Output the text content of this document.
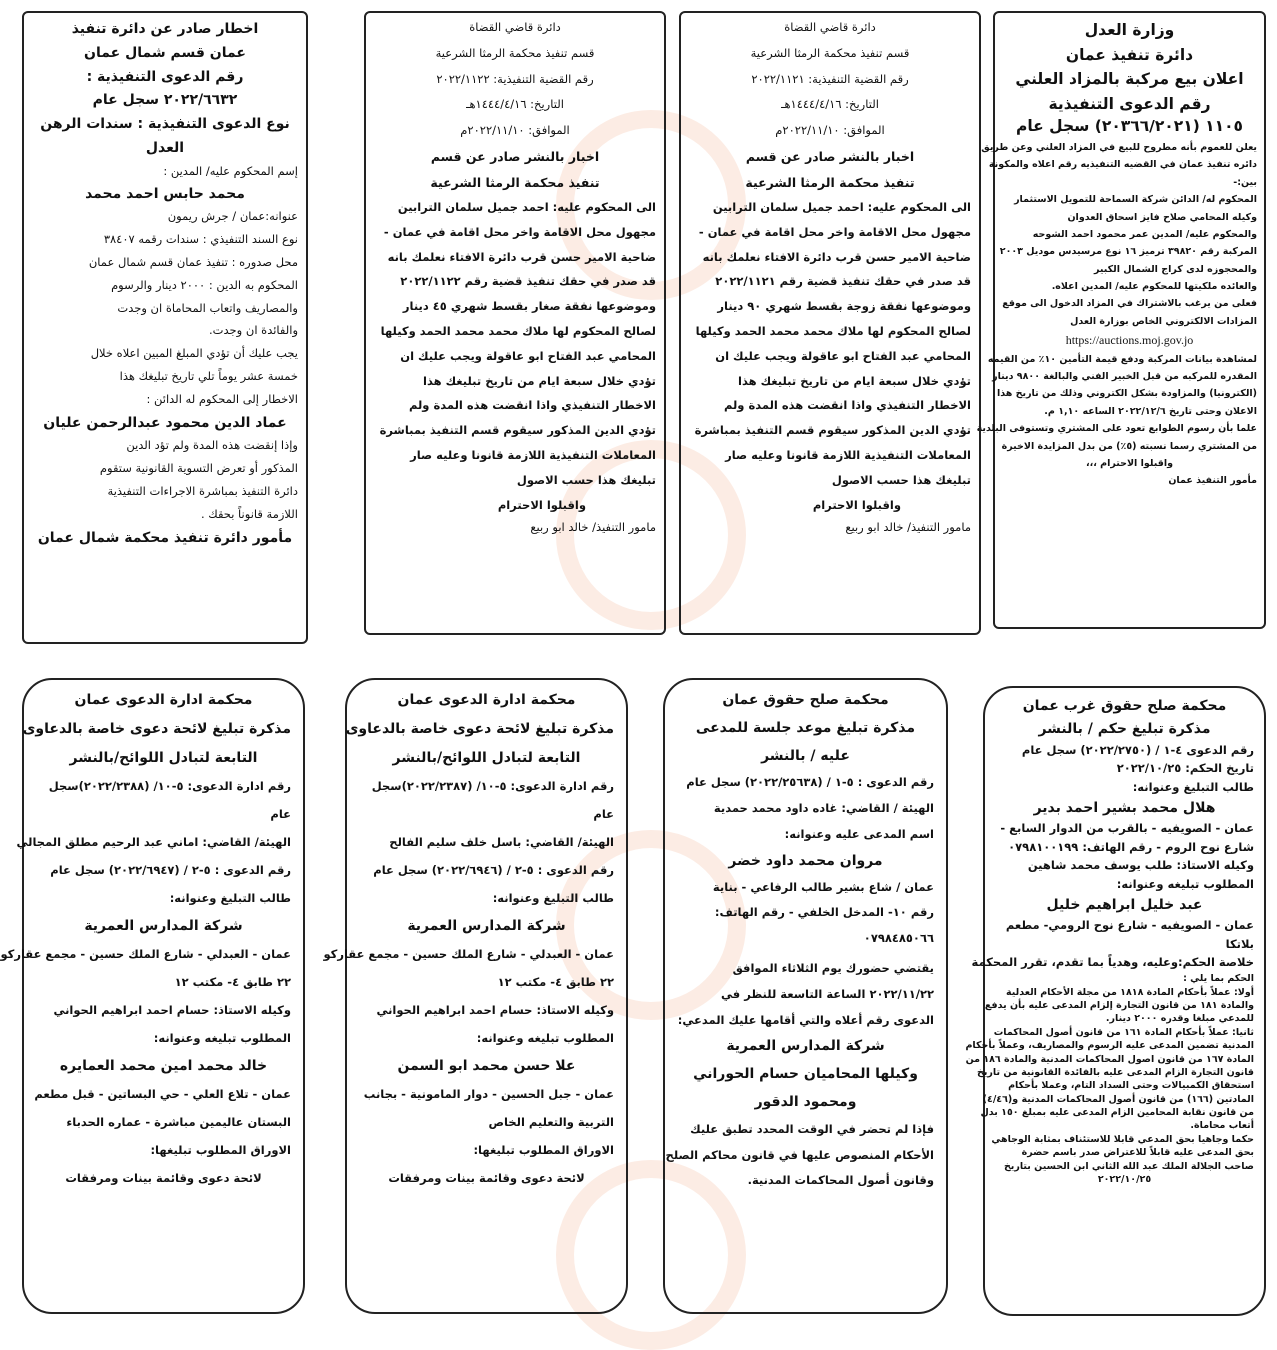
وزارة العدل
دائرة تنفيذ عمان
اعلان بيع مركبة بالمزاد العلني
رقم الدعوى التنفيذية
١١٠٥ (٢٠٣٦٦/٢٠٢١) سجل عام
يعلن للعموم بأنه مطروح للبيع في المزاد العلني وعن طريق
دائره تنفيذ عمان في القضيه التنفيذيه رقم اعلاه والمكونة
بين:-
المحكوم له/ الدائن شركة السماحة للتمويل الاستثمار
وكيله المحامي صلاح فايز اسحاق العدوان
والمحكوم عليه/ المدين عمر محمود احمد الشوحه
المركبة رقم ٣٩٨٢٠ ترميز ١٦ نوع مرسيدس موديل ٢٠٠٣
والمحجوزه لدى كراج الشمال الكبير
والعائده ملكيتها للمحكوم عليه/ المدين اعلاه.
فعلى من يرغب بالاشتراك في المزاد الدخول الى موقع
المزادات الالكتروني الخاص بوزارة العدل
https://auctions.moj.gov.jo
لمشاهدة بيانات المركبة ودفع قيمة التأمين ١٠٪ من القيمه
المقدره للمركبه من قبل الخبير الفني والبالغة ٩٨٠٠ دينار
(الكترونيا) والمزاودة بشكل الكتروني وذلك من تاريخ هذا
الاعلان وحتى تاريخ ٢٠٢٢/١٢/٦ الساعه ١,١٠ م.
علما بأن رسوم الطوابع تعود على المشتري وتستوفى البلدية
من المشتري رسما نسبته (٥٪) من بدل المزايدة الاخيرة
واقبلوا الاحترام ،،،
مأمور التنفيذ عمان
دائرة قاضي القضاة
قسم تنفيذ محكمة الرمثا الشرعية
رقم القضية التنفيذية: ٢٠٢٢/١١٢١
التاريخ: ١٤٤٤/٤/١٦هـ
الموافق: ٢٠٢٢/١١/١٠م
اخبار بالنشر صادر عن قسم
تنفيذ محكمة الرمثا الشرعية
الى المحكوم عليه: احمد جميل سلمان الترابين
مجهول محل الاقامة واخر محل اقامة في عمان -
ضاحية الامير حسن قرب دائرة الافتاء نعلمك بانه
قد صدر في حقك تنفيذ قضية رقم ٢٠٢٢/١١٢١
وموضوعها نفقة زوجة بقسط شهري ٩٠ دينار
لصالح المحكوم لها ملاك محمد محمد الحمد وكيلها
المحامي عبد الفتاح ابو عاقولة ويجب عليك ان
تؤدي خلال سبعة ايام من تاريخ تبليغك هذا
الاخطار التنفيذي واذا انقضت هذه المدة ولم
تؤدي الدين المذكور سيقوم قسم التنفيذ بمباشرة
المعاملات التنفيذية اللازمة قانونا وعليه صار
تبليغك هذا حسب الاصول
واقبلوا الاحترام
مامور التنفيذ/ خالد ابو ربيع
دائرة قاضي القضاة
قسم تنفيذ محكمة الرمثا الشرعية
رقم القضية التنفيذية: ٢٠٢٢/١١٢٢
التاريخ: ١٤٤٤/٤/١٦هـ
الموافق: ٢٠٢٢/١١/١٠م
اخبار بالنشر صادر عن قسم
تنفيذ محكمة الرمثا الشرعية
الى المحكوم عليه: احمد جميل سلمان الترابين
مجهول محل الاقامة واخر محل اقامة في عمان -
ضاحية الامير حسن قرب دائرة الافتاء نعلمك بانه
قد صدر في حقك تنفيذ قضية رقم ٢٠٢٢/١١٢٢
وموضوعها نفقة صغار بقسط شهري ٤٥ دينار
لصالح المحكوم لها ملاك محمد محمد الحمد وكيلها
المحامي عبد الفتاح ابو عاقولة ويجب عليك ان
تؤدي خلال سبعة ايام من تاريخ تبليغك هذا
الاخطار التنفيذي واذا انقضت هذه المدة ولم
تؤدي الدين المذكور سيقوم قسم التنفيذ بمباشرة
المعاملات التنفيذية اللازمة قانونا وعليه صار
تبليغك هذا حسب الاصول
واقبلوا الاحترام
مامور التنفيذ/ خالد ابو ربيع
اخطار صادر عن دائرة تنفيذ
عمان قسم شمال عمان
رقم الدعوى التنفيذية :
٢٠٢٢/٦٦٣٢ سجل عام
نوع الدعوى التنفيذية : سندات الرهن
العدل
إسم المحكوم عليه/ المدين :
محمد حابس احمد محمد
عنوانه:عمان / جرش ريمون
نوع السند التنفيذي : سندات رقمه ٣٨٤٠٧
محل صدوره : تنفيذ عمان قسم شمال عمان
المحكوم به الدين : ٢٠٠٠ دينار والرسوم
والمصاريف واتعاب المحاماة ان وجدت
والفائدة ان وجدت.
يجب عليك أن تؤدي المبلغ المبين اعلاه خلال
خمسة عشر يوماً تلي تاريخ تبليغك هذا
الاخطار إلى المحكوم له الدائن :
عماد الدين محمود عبدالرحمن عليان
وإذا إنقضت هذه المدة ولم تؤد الدين
المذكور أو تعرض التسوية القانونية ستقوم
دائرة التنفيذ بمباشرة الاجراءات التنفيذية
اللازمة قانوناً بحقك .
مأمور دائرة تنفيذ محكمة شمال عمان
محكمة صلح حقوق غرب عمان
مذكرة تبليغ حكم / بالنشر
رقم الدعوى ٤-١ / (٢٠٢٢/٢٧٥٠) سجل عام
تاريخ الحكم: ٢٠٢٢/١٠/٢٥
طالب التبليغ وعنوانه:
هلال محمد بشير احمد بدير
عمان - الصويفيه - بالقرب من الدوار السابع -
شارع نوح الروم - رقم الهاتف: ٠٧٩٨١٠٠١٩٩
وكيله الاستاذ: طلب يوسف محمد شاهين
المطلوب تبليغه وعنوانه:
عبد خليل ابراهيم خليل
عمان - الصويفيه - شارع نوح الرومي- مطعم
بلاتكا
خلاصة الحكم:وعليه، وهدياً بما تقدم، تقرر المحكمة
الحكم بما يلي :
أولا: عملاً بأحكام المادة ١٨١٨ من مجلة الأحكام العدلية
والمادة ١٨١ من قانون التجارة إلزام المدعى عليه بأن يدفع
للمدعي مبلغا وقدره ٢٠٠٠ دينار.
ثانيا: عملاً بأحكام المادة ١٦١ من قانون أصول المحاكمات
المدنية تضمين المدعى عليه الرسوم والمصاريف، وعملاً بأحكام
المادة ١٦٧ من قانون اصول المحاكمات المدنية والمادة ١٨٦ من
قانون التجارة الزام المدعى عليه بالفائدة القانونية من تاريخ
استحقاق الكمبيالات وحتى السداد التام، وعملا بأحكام
المادتين (١٦٦) من قانون أصول المحاكمات المدنية و(٤/٤٦)
من قانون نقابة المحامين الزام المدعى عليه بمبلغ ١٥٠ بدل
أتعاب محاماة.
حكما وجاهيا بحق المدعي قابلا للاستئناف بمثابة الوجاهي
بحق المدعى عليه قابلاً للاعتراض صدر باسم حضرة
صاحب الجلالة الملك عبد الله الثاني ابن الحسين بتاريخ
٢٠٢٢/١٠/٢٥
محكمة صلح حقوق عمان
مذكرة تبليغ موعد جلسة للمدعى
عليه / بالنشر
رقم الدعوى : ٥-١ / (٢٠٢٢/٢٥٦٣٨) سجل عام
الهيئة / القاضي: غاده داود محمد حمدية
اسم المدعى عليه وعنوانه:
مروان محمد داود خضر
عمان / شاع بشير طالب الرفاعي - بناية
رقم ١٠- المدخل الخلفي - رقم الهاتف:
٠٧٩٨٤٨٥٠٦٦
يقتضي حضورك يوم الثلاثاء الموافق
٢٠٢٢/١١/٢٢ الساعة التاسعة للنظر في
الدعوى رقم أعلاه والتي أقامها عليك المدعي:
شركة المدارس العمرية
وكيلها المحاميان حسام الحوراني
ومحمود الدقور
فإذا لم تحضر في الوقت المحدد تطبق عليك
الأحكام المنصوص عليها في قانون محاكم الصلح
وقانون أصول المحاكمات المدنية.
محكمة ادارة الدعوى عمان
مذكرة تبليغ لائحة دعوى خاصة بالدعاوى
التابعة لتبادل اللوائح/بالنشر
رقم ادارة الدعوى: ٥-١٠/ (٢٠٢٢/٢٣٨٧)سجل
عام
الهيئة/ القاضي: باسل خلف سليم الفالح
رقم الدعوى : ٥-٢ / (٢٠٢٢/٦٩٤٦) سجل عام
طالب التبليغ وعنوانه:
شركة المدارس العمرية
عمان - العبدلي - شارع الملك حسين - مجمع عقاركو
٢٢ طابق ٤- مكتب ١٢
وكيله الاستاذ: حسام احمد ابراهيم الحواني
المطلوب تبليغه وعنوانه:
علا حسن محمد ابو السمن
عمان - جبل الحسين - دوار المامونية - بجانب
التربية والتعليم الخاص
الاوراق المطلوب تبليغها:
لائحة دعوى وقائمة بينات ومرفقات
محكمة ادارة الدعوى عمان
مذكرة تبليغ لائحة دعوى خاصة بالدعاوى
التابعة لتبادل اللوائح/بالنشر
رقم ادارة الدعوى: ٥-١٠/ (٢٠٢٢/٢٣٨٨)سجل
عام
الهيئة/ القاضي: اماني عبد الرحيم مطلق المجالي
رقم الدعوى : ٥-٢ / (٢٠٢٢/٦٩٤٧) سجل عام
طالب التبليغ وعنوانه:
شركة المدارس العمرية
عمان - العبدلي - شارع الملك حسين - مجمع عقاركو
٢٢ طابق ٤- مكتب ١٢
وكيله الاستاذ: حسام احمد ابراهيم الحواني
المطلوب تبليغه وعنوانه:
خالد محمد امين محمد العمايره
عمان - تلاع العلي - حي البساتين - قبل مطعم
البستان عاليمين مباشرة - عماره الحدباء
الاوراق المطلوب تبليغها:
لائحة دعوى وقائمة بينات ومرفقات
